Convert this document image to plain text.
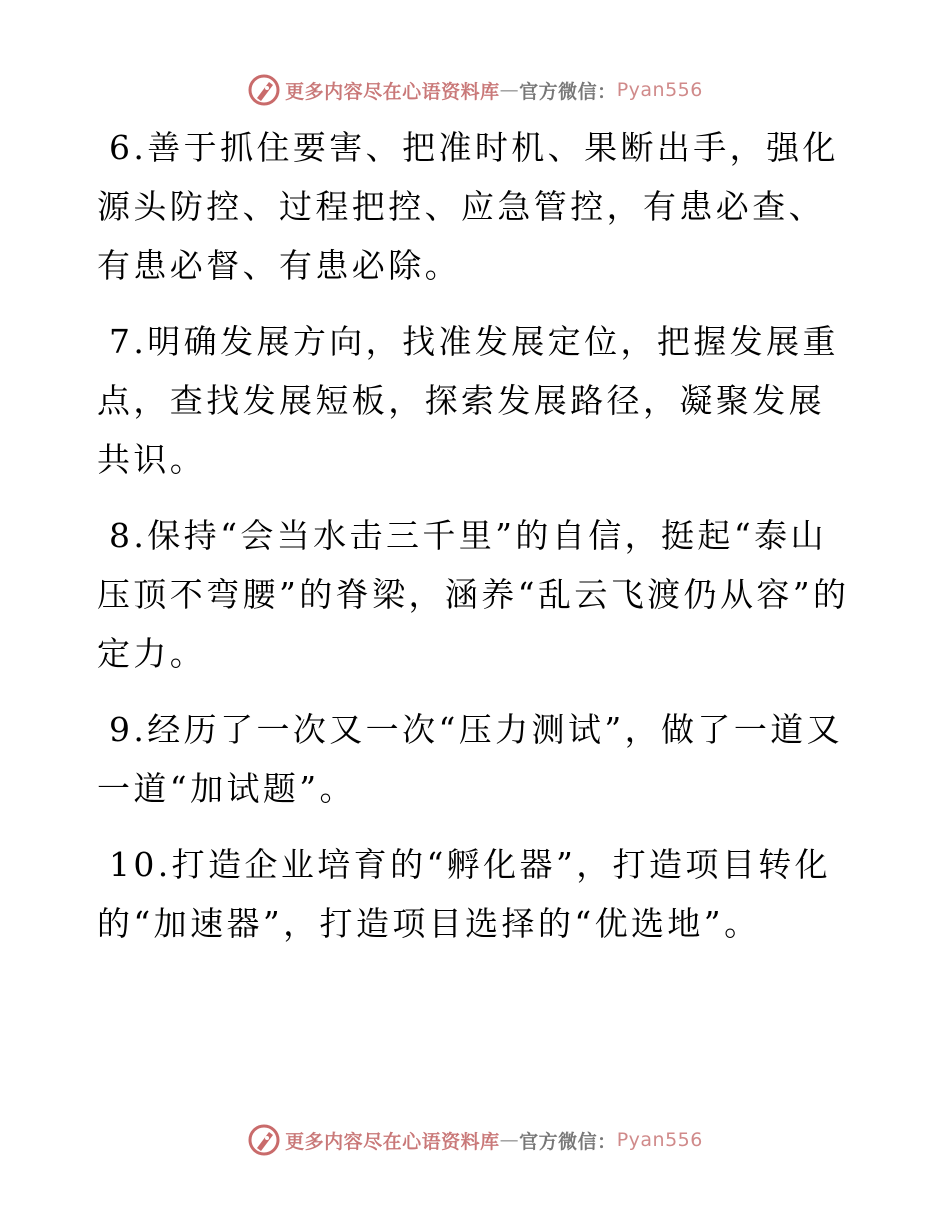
更多内容尽在心语资料库 — 官方微信： Pyan556

6.善于抓住要害、把准时机、果断出手，强化源头防控、过程把控、应急管控，有患必查、有患必督、有患必除。

7.明确发展方向，找准发展定位，把握发展重点，查找发展短板，探索发展路径，凝聚发展共识。

8.保持“会当水击三千里”的自信，挺起“泰山压顶不弯腰”的脊梁，涵养“乱云飞渡仍从容”的定力。

9.经历了一次又一次“压力测试”，做了一道又一道“加试题”。

10.打造企业培育的“孵化器”，打造项目转化的“加速器”，打造项目选择的“优选地”。

更多内容尽在心语资料库 — 官方微信： Pyan556
